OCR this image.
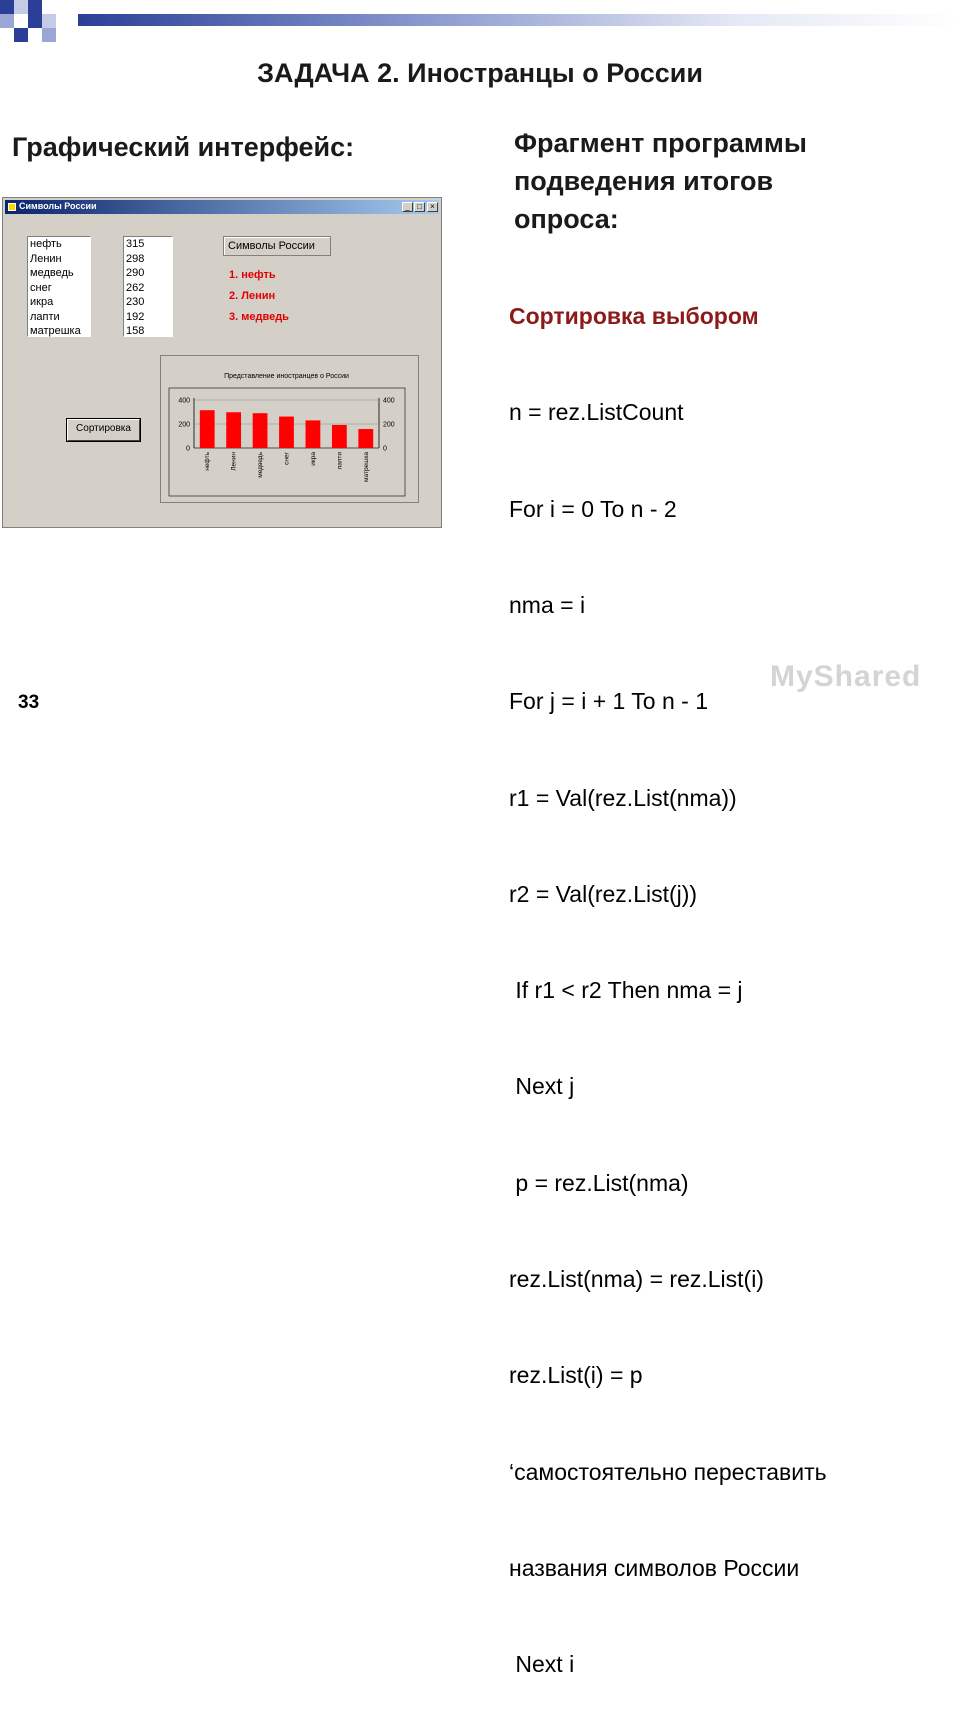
ЗАДАЧА 2. Иностранцы о России
Графический интерфейс:	Фрагмент программы
подведения итогов
опроса:
Символы России	_ □	×
нефть
Ленин
медведь
снег
икра
лапти
матрешка
315
298
290
262
230
192
158
Символы России
1. нефть
2. Ленин
3. медведь
Сортировка
Представление иностранцев о России
400	400
200	200
0	0
нефть	Ленин	медведь	снег	икра	лапти	матрешка

Сортировка выбором

n = rez.ListCount

For i = 0 To n - 2

nma = i

For j = i + 1 To n - 1

r1 = Val(rez.List(nma))

r2 = Val(rez.List(j))

If r1 < r2 Then nma = j

Next j

p = rez.List(nma)

rez.List(nma) = rez.List(i)

rez.List(i) = p

‘самостоятельно переставить

названия символов России

Next i

MyShared
33
